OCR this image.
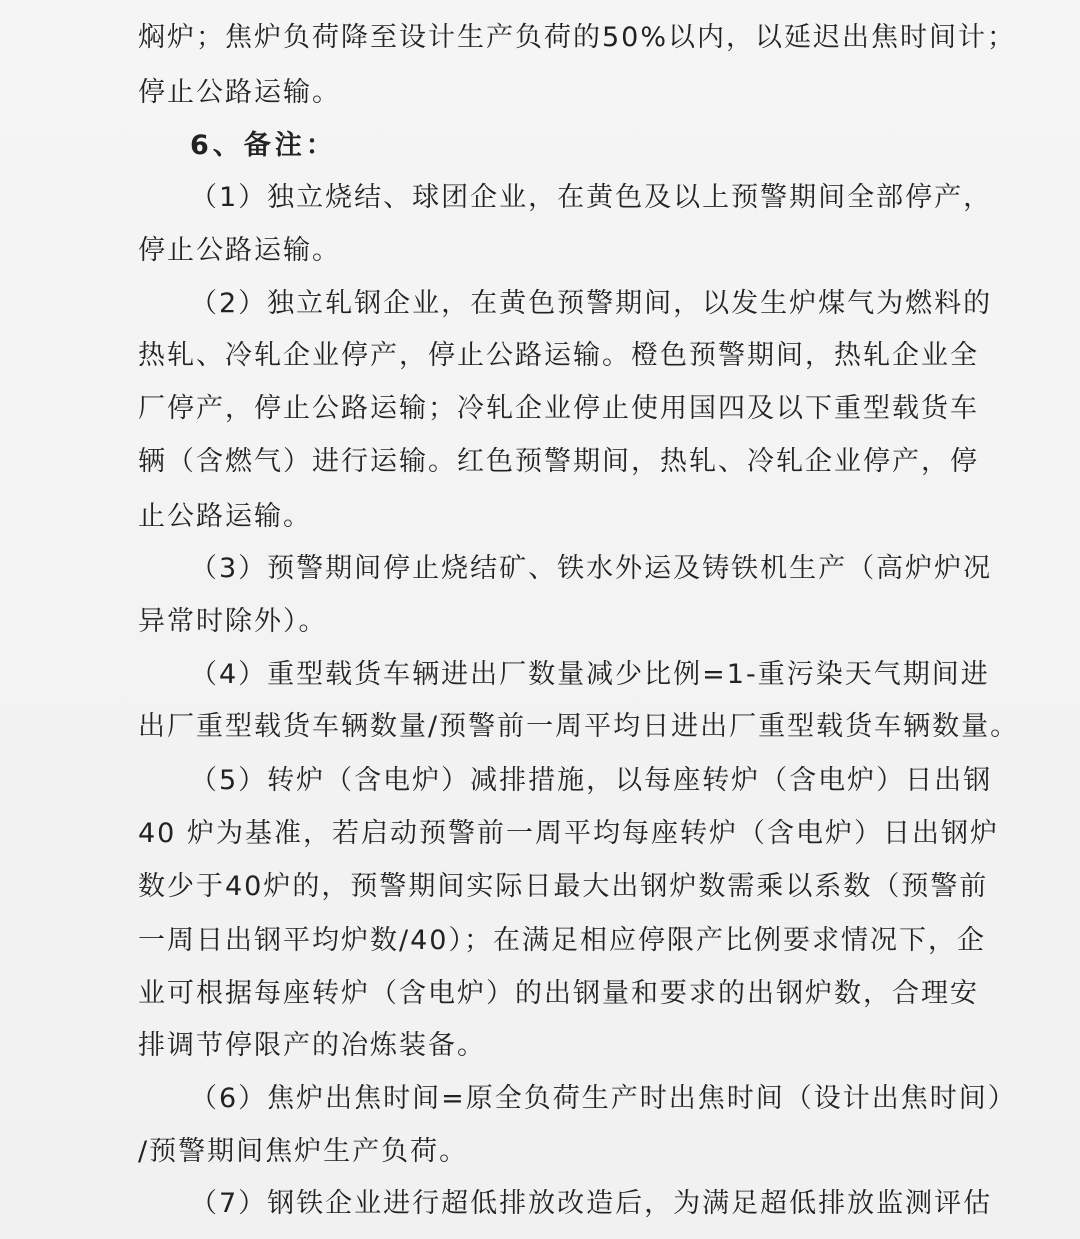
焖炉；焦炉负荷降至设计生产负荷的50%以内，以延迟出焦时间计；
停止公路运输。
6、备注：
（1）独立烧结、球团企业，在黄色及以上预警期间全部停产，
停止公路运输。
（2）独立轧钢企业，在黄色预警期间，以发生炉煤气为燃料的
热轧、冷轧企业停产，停止公路运输。橙色预警期间，热轧企业全
厂停产，停止公路运输；冷轧企业停止使用国四及以下重型载货车
辆（含燃气）进行运输。红色预警期间，热轧、冷轧企业停产，停
止公路运输。
（3）预警期间停止烧结矿、铁水外运及铸铁机生产（高炉炉况
异常时除外）。
（4）重型载货车辆进出厂数量减少比例=1-重污染天气期间进
出厂重型载货车辆数量/预警前一周平均日进出厂重型载货车辆数量。
（5）转炉（含电炉）减排措施，以每座转炉（含电炉）日出钢
40 炉为基准，若启动预警前一周平均每座转炉（含电炉）日出钢炉
数少于40炉的，预警期间实际日最大出钢炉数需乘以系数（预警前
一周日出钢平均炉数/40）；在满足相应停限产比例要求情况下，企
业可根据每座转炉（含电炉）的出钢量和要求的出钢炉数，合理安
排调节停限产的冶炼装备。
（6）焦炉出焦时间=原全负荷生产时出焦时间（设计出焦时间）
/预警期间焦炉生产负荷。
（7）钢铁企业进行超低排放改造后，为满足超低排放监测评估
